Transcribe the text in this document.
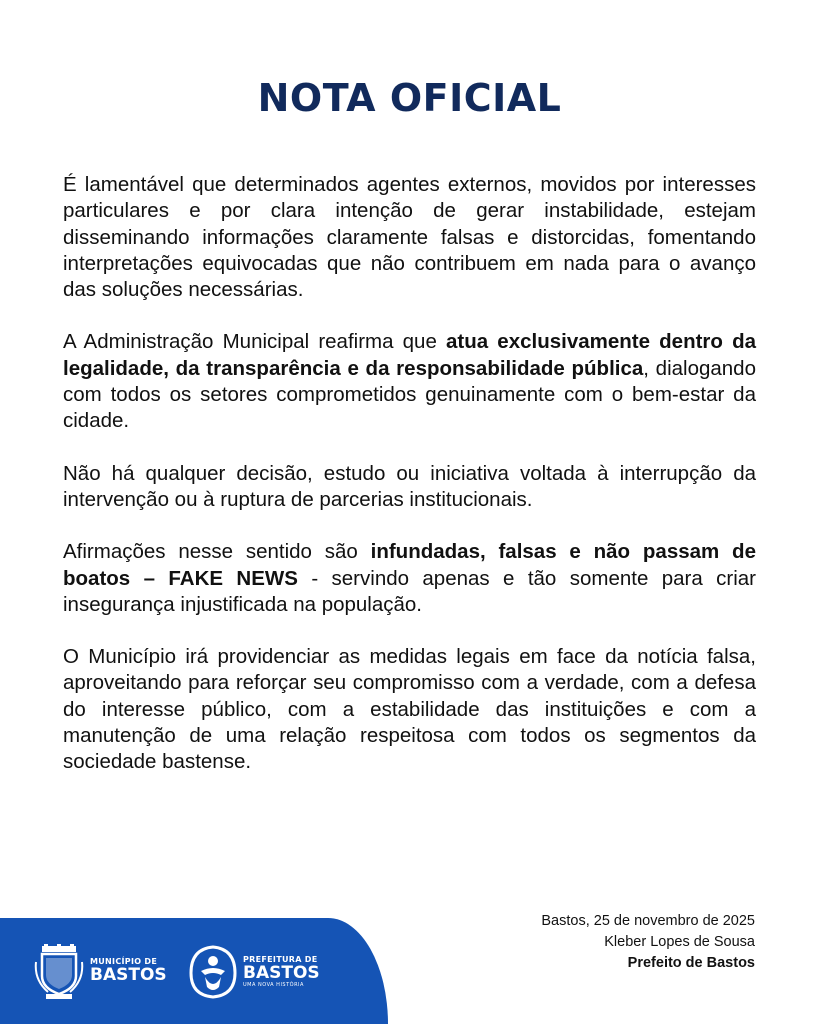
NOTA OFICIAL

É lamentável que determinados agentes externos, movidos por interesses particulares e por clara intenção de gerar instabilidade, estejam disseminando informações claramente falsas e distorcidas, fomentando interpretações equivocadas que não contribuem em nada para o avanço das soluções necessárias.

A Administração Municipal reafirma que atua exclusivamente dentro da legalidade, da transparência e da responsabilidade pública, dialogando com todos os setores comprometidos genuinamente com o bem-estar da cidade.

Não há qualquer decisão, estudo ou iniciativa voltada à interrupção da intervenção ou à ruptura de parcerias institucionais.

Afirmações nesse sentido são infundadas, falsas e não passam de boatos – FAKE NEWS - servindo apenas e tão somente para criar insegurança injustificada na população.

O Município irá providenciar as medidas legais em face da notícia falsa, aproveitando para reforçar seu compromisso com a verdade, com a defesa do interesse público, com a estabilidade das instituições e com a manutenção de uma relação respeitosa com todos os segmentos da sociedade bastense.

Bastos, 25 de novembro de 2025
Kleber Lopes de Sousa
Prefeito de Bastos
MUNICÍPIO DE
BASTOS
PREFEITURA DE
BASTOS
UMA NOVA HISTÓRIA
